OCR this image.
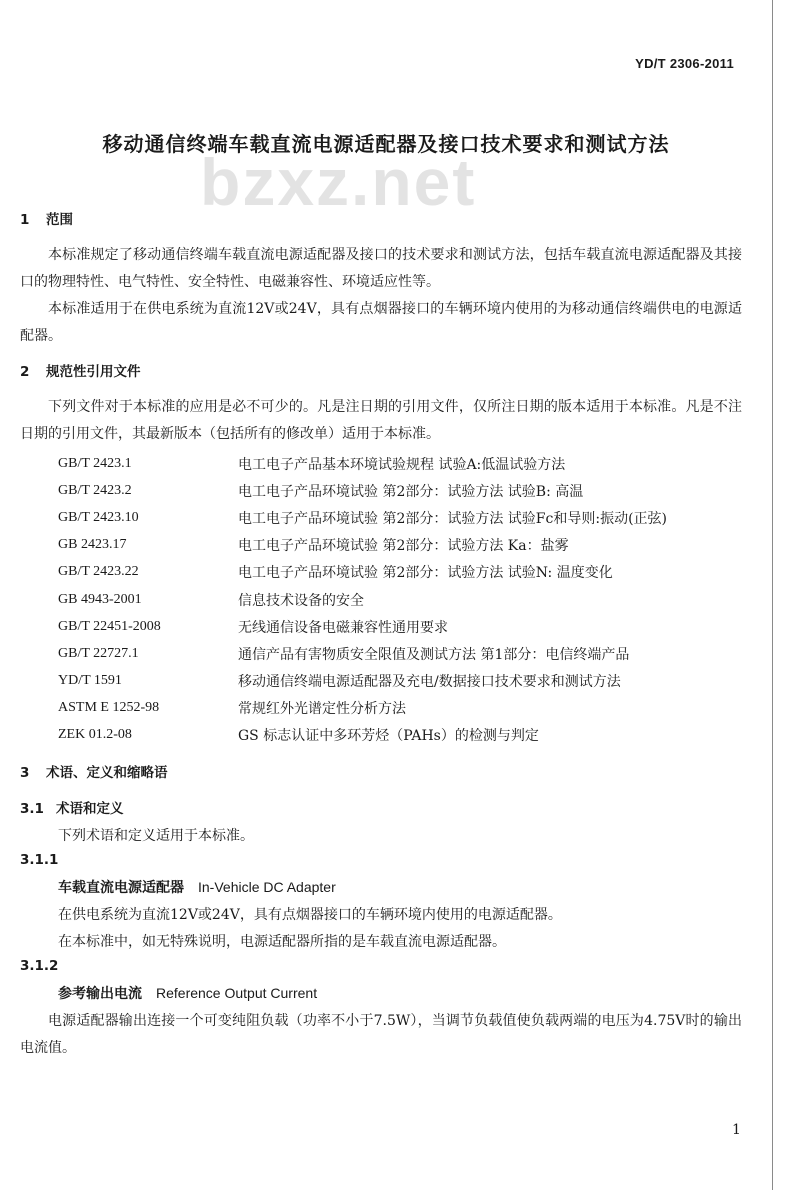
YD/T 2306-2011
bzxz.net
移动通信终端车载直流电源适配器及接口技术要求和测试方法
1 范围

本标准规定了移动通信终端车载直流电源适配器及接口的技术要求和测试方法，包括车载直流电源适配器及其接口的物理特性、电气特性、安全特性、电磁兼容性、环境适应性等。

本标准适用于在供电系统为直流12V或24V，具有点烟器接口的车辆环境内使用的为移动通信终端供电的电源适配器。

2 规范性引用文件

下列文件对于本标准的应用是必不可少的。凡是注日期的引用文件，仅所注日期的版本适用于本标准。凡是不注日期的引用文件，其最新版本（包括所有的修改单）适用于本标准。

GB/T 2423.1	电工电子产品基本环境试验规程 试验A:低温试验方法
GB/T 2423.2	电工电子产品环境试验 第2部分：试验方法 试验B: 高温
GB/T 2423.10	电工电子产品环境试验 第2部分：试验方法 试验Fc和导则:振动(正弦)
GB 2423.17	电工电子产品环境试验 第2部分：试验方法 Ka：盐雾
GB/T 2423.22	电工电子产品环境试验 第2部分：试验方法 试验N: 温度变化
GB 4943-2001	信息技术设备的安全
GB/T 22451-2008	无线通信设备电磁兼容性通用要求
GB/T 22727.1	通信产品有害物质安全限值及测试方法 第1部分：电信终端产品
YD/T 1591	移动通信终端电源适配器及充电/数据接口技术要求和测试方法
ASTM E 1252-98	常规红外光谱定性分析方法
ZEK 01.2-08	GS 标志认证中多环芳烃（PAHs）的检测与判定
3 术语、定义和缩略语
3.1 术语和定义

下列术语和定义适用于本标准。

3.1.1

车载直流电源适配器 In-Vehicle DC Adapter

在供电系统为直流12V或24V，具有点烟器接口的车辆环境内使用的电源适配器。

在本标准中，如无特殊说明，电源适配器所指的是车载直流电源适配器。

3.1.2

参考输出电流 Reference Output Current

电源适配器输出连接一个可变纯阻负载（功率不小于7.5W），当调节负载值使负载两端的电压为4.75V时的输出电流值。

1
